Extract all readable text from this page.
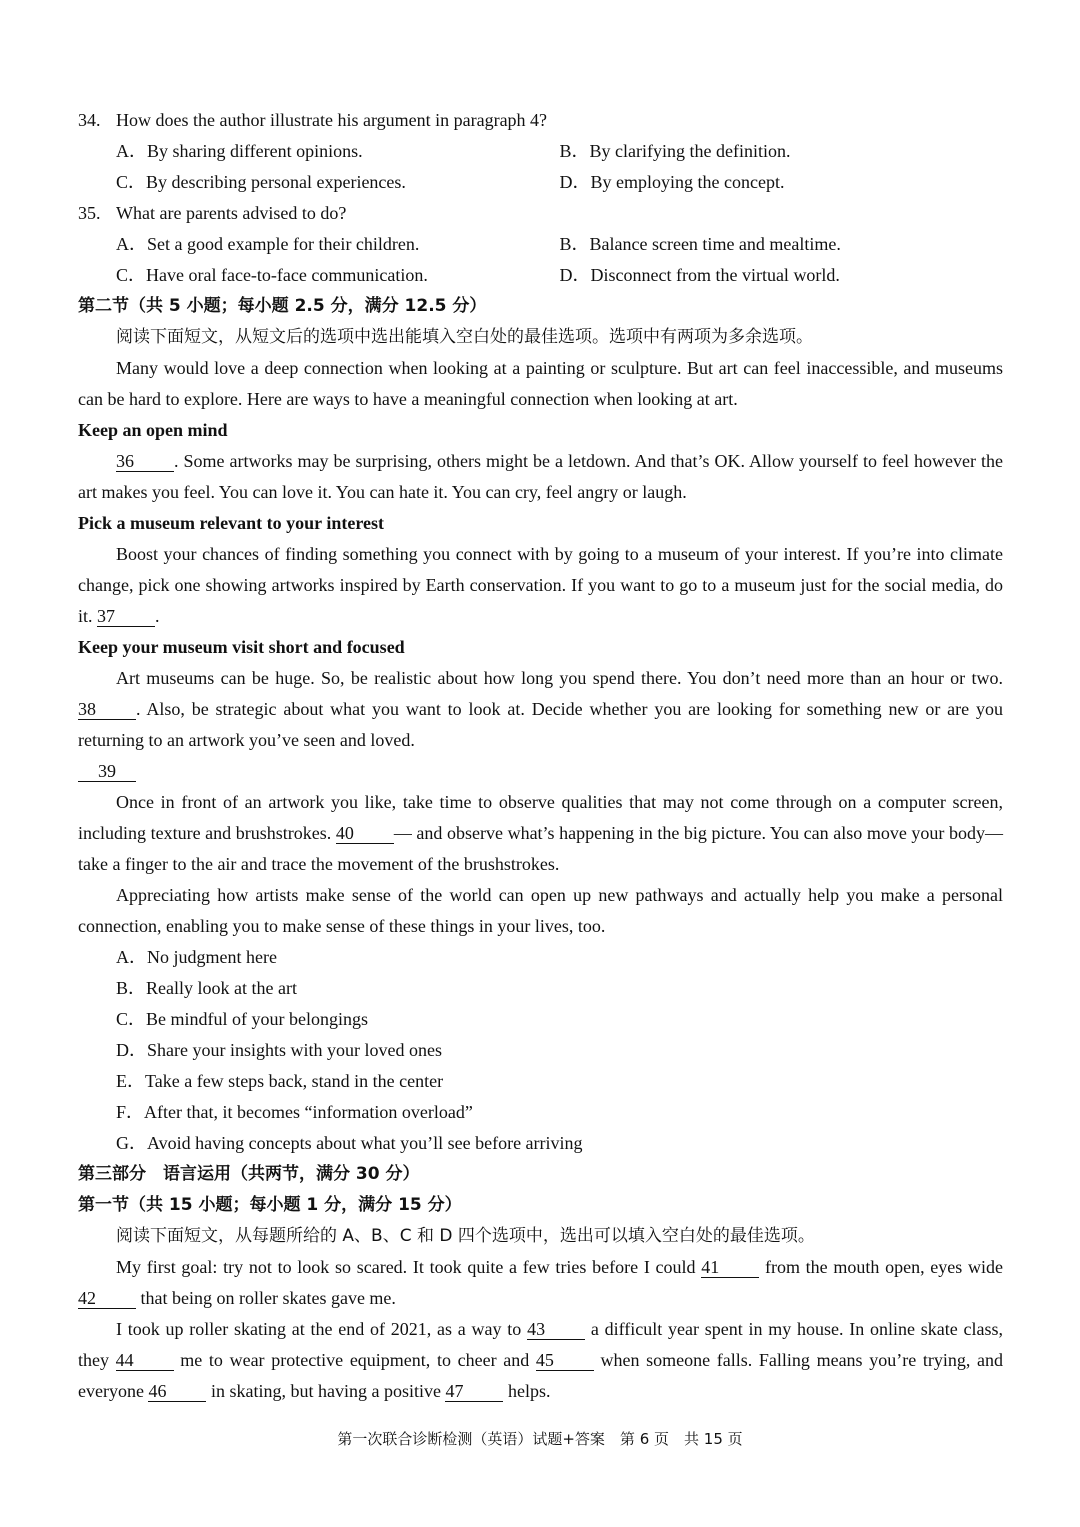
34. How does the author illustrate his argument in paragraph 4?
A．By sharing different opinions.	B．By clarifying the definition.
C．By describing personal experiences.	D．By employing the concept.
35. What are parents advised to do?
A．Set a good example for their children.	B．Balance screen time and mealtime.
C．Have oral face-to-face communication.	D．Disconnect from the virtual world.
第二节（共 5 小题；每小题 2.5 分，满分 12.5 分）
阅读下面短文，从短文后的选项中选出能填入空白处的最佳选项。选项中有两项为多余选项。
Many would love a deep connection when looking at a painting or sculpture. But art can feel inaccessible, and museums can be hard to explore. Here are ways to have a meaningful connection when looking at art.
Keep an open mind
36 . Some artworks may be surprising, others might be a letdown. And that’s OK. Allow yourself to feel however the art makes you feel. You can love it. You can hate it. You can cry, feel angry or laugh.
Pick a museum relevant to your interest
Boost your chances of finding something you connect with by going to a museum of your interest. If you’re into climate change, pick one showing artworks inspired by Earth conservation. If you want to go to a museum just for the social media, do it. 37 .
Keep your museum visit short and focused
Art museums can be huge. So, be realistic about how long you spend there. You don’t need more than an hour or two. 38 . Also, be strategic about what you want to look at. Decide whether you are looking for something new or are you returning to an artwork you’ve seen and loved.
39
Once in front of an artwork you like, take time to observe qualities that may not come through on a computer screen, including texture and brushstrokes. 40 — and observe what’s happening in the big picture. You can also move your body—take a finger to the air and trace the movement of the brushstrokes.
Appreciating how artists make sense of the world can open up new pathways and actually help you make a personal connection, enabling you to make sense of these things in your lives, too.
A．No judgment here
B．Really look at the art
C．Be mindful of your belongings
D．Share your insights with your loved ones
E．Take a few steps back, stand in the center
F．After that, it becomes “information overload”
G．Avoid having concepts about what you’ll see before arriving
第三部分　语言运用（共两节，满分 30 分）
第一节（共 15 小题；每小题 1 分，满分 15 分）
阅读下面短文，从每题所给的 A、B、C 和 D 四个选项中，选出可以填入空白处的最佳选项。
My first goal: try not to look so scared. It took quite a few tries before I could 41 from the mouth open, eyes wide 42 that being on roller skates gave me.
I took up roller skating at the end of 2021, as a way to 43 a difficult year spent in my house. In online skate class, they 44 me to wear protective equipment, to cheer and 45 when someone falls. Falling means you’re trying, and everyone 46 in skating, but having a positive 47 helps.
第一次联合诊断检测（英语）试题+答案　第 6 页　共 15 页
